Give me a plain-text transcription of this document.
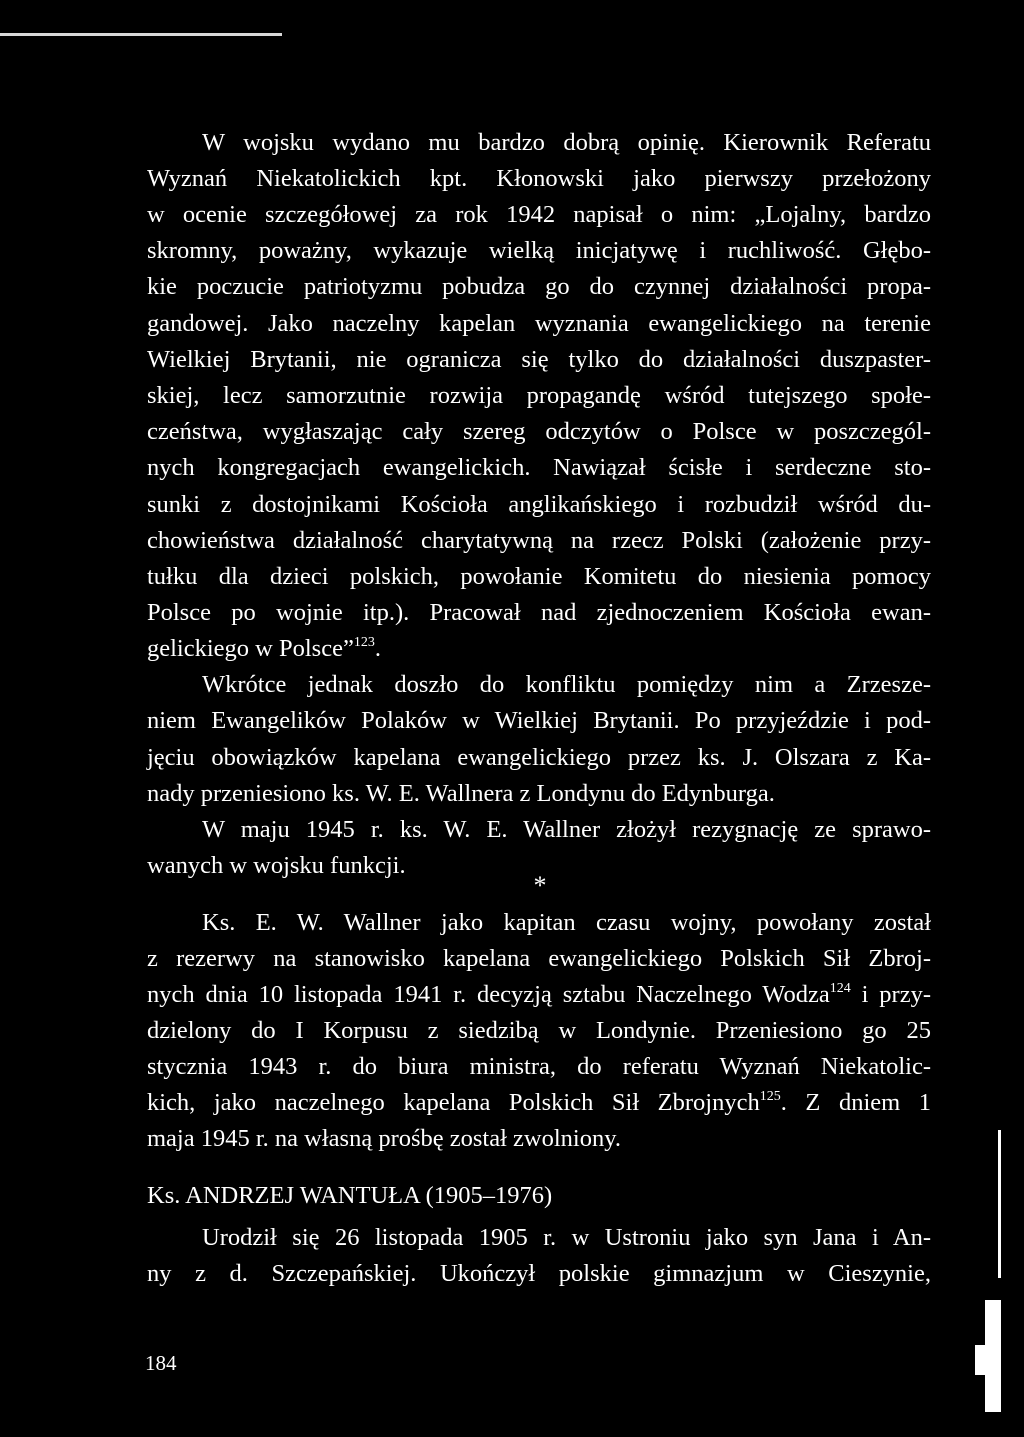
W wojsku wydano mu bardzo dobrą opinię. Kierownik Referatu
Wyznań Niekatolickich kpt. Kłonowski jako pierwszy przełożony
w ocenie szczegółowej za rok 1942 napisał o nim: „Lojalny, bardzo
skromny, poważny, wykazuje wielką inicjatywę i ruchliwość. Głębo-
kie poczucie patriotyzmu pobudza go do czynnej działalności propa-
gandowej. Jako naczelny kapelan wyznania ewangelickiego na terenie
Wielkiej Brytanii, nie ogranicza się tylko do działalności duszpaster-
skiej, lecz samorzutnie rozwija propagandę wśród tutejszego społe-
czeństwa, wygłaszając cały szereg odczytów o Polsce w poszczegól-
nych kongregacjach ewangelickich. Nawiązał ścisłe i serdeczne sto-
sunki z dostojnikami Kościoła anglikańskiego i rozbudził wśród du-
chowieństwa działalność charytatywną na rzecz Polski (założenie przy-
tułku dla dzieci polskich, powołanie Komitetu do niesienia pomocy
Polsce po wojnie itp.). Pracował nad zjednoczeniem Kościoła ewan-
gelickiego w Polsce”$^{123}$.
Wkrótce jednak doszło do konfliktu pomiędzy nim a Zrzesze-
niem Ewangelików Polaków w Wielkiej Brytanii. Po przyjeździe i pod-
jęciu obowiązków kapelana ewangelickiego przez ks. J. Olszara z Ka-
nady przeniesiono ks. W. E. Wallnera z Londynu do Edynburga.
W maju 1945 r. ks. W. E. Wallner złożył rezygnację ze sprawo-
wanych w wojsku funkcji.
Ks. E. W. Wallner jako kapitan czasu wojny, powołany został
z rezerwy na stanowisko kapelana ewangelickiego Polskich Sił Zbroj-
nych dnia 10 listopada 1941 r. decyzją sztabu Naczelnego Wodza$^{124}$ i przy-
dzielony do I Korpusu z siedzibą w Londynie. Przeniesiono go 25
stycznia 1943 r. do biura ministra, do referatu Wyznań Niekatolic-
kich, jako naczelnego kapelana Polskich Sił Zbrojnych$^{125}$. Z dniem 1
maja 1945 r. na własną prośbę został zwolniony.
Ks. ANDRZEJ WANTUŁA (1905–1976)
Urodził się 26 listopada 1905 r. w Ustroniu jako syn Jana i An-
ny z d. Szczepańskiej. Ukończył polskie gimnazjum w Cieszynie,
*
184
